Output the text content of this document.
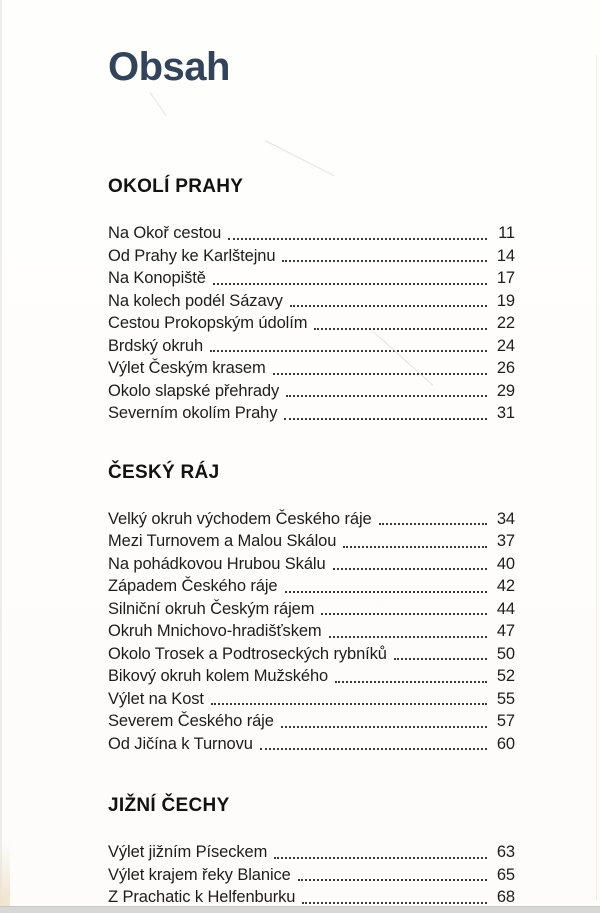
Obsah
OKOLÍ PRAHY
Na Okoř cestou	11
Od Prahy ke Karlštejnu	14
Na Konopiště	17
Na kolech podél Sázavy	19
Cestou Prokopským údolím	22
Brdský okruh	24
Výlet Českým krasem	26
Okolo slapské přehrady	29
Severním okolím Prahy	31
ČESKÝ RÁJ
Velký okruh východem Českého ráje	34
Mezi Turnovem a Malou Skálou	37
Na pohádkovou Hrubou Skálu	40
Západem Českého ráje	42
Silniční okruh Českým rájem	44
Okruh Mnichovo-hradišťskem	47
Okolo Trosek a Podtroseckých rybníků	50
Bikový okruh kolem Mužského	52
Výlet na Kost	55
Severem Českého ráje	57
Od Jičína k Turnovu	60
JIŽNÍ ČECHY
Výlet jižním Píseckem	63
Výlet krajem řeky Blanice	65
Z Prachatic k Helfenburku	68
